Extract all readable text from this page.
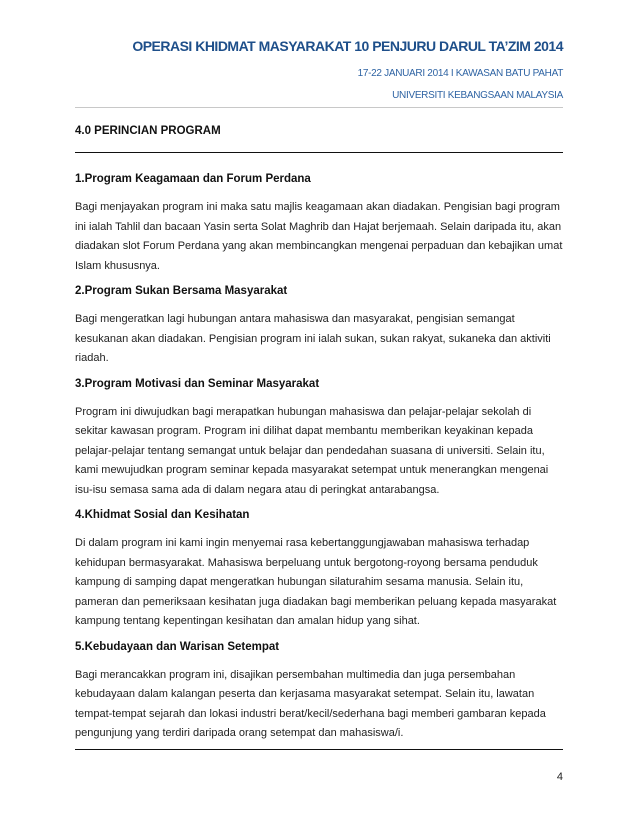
OPERASI KHIDMAT MASYARAKAT 10 PENJURU DARUL TA’ZIM 2014
17-22 JANUARI 2014 I KAWASAN BATU PAHAT
UNIVERSITI KEBANGSAAN MALAYSIA
4.0 PERINCIAN PROGRAM

1.Program Keagamaan dan Forum Perdana

Bagi menjayakan program ini maka satu majlis keagamaan akan diadakan. Pengisian bagi program ini ialah Tahlil dan bacaan Yasin serta Solat Maghrib dan Hajat berjemaah. Selain daripada itu, akan diadakan slot Forum Perdana yang akan membincangkan mengenai perpaduan dan kebajikan umat Islam khususnya.

2.Program Sukan Bersama Masyarakat

Bagi mengeratkan lagi hubungan antara mahasiswa dan masyarakat, pengisian semangat kesukanan akan diadakan. Pengisian program ini ialah sukan, sukan rakyat, sukaneka dan aktiviti riadah.

3.Program Motivasi dan Seminar Masyarakat

Program ini diwujudkan bagi merapatkan hubungan mahasiswa dan pelajar-pelajar sekolah di sekitar kawasan program. Program ini dilihat dapat membantu memberikan keyakinan kepada pelajar-pelajar tentang semangat untuk belajar dan pendedahan suasana di universiti. Selain itu, kami mewujudkan program seminar kepada masyarakat setempat untuk menerangkan mengenai isu-isu semasa sama ada di dalam negara atau di peringkat antarabangsa.

4.Khidmat Sosial dan Kesihatan

Di dalam program ini kami ingin menyemai rasa kebertanggungjawaban mahasiswa terhadap kehidupan bermasyarakat. Mahasiswa berpeluang untuk bergotong-royong bersama penduduk kampung di samping dapat mengeratkan hubungan silaturahim sesama manusia. Selain itu, pameran dan pemeriksaan kesihatan juga diadakan bagi memberikan peluang kepada masyarakat kampung tentang kepentingan kesihatan dan amalan hidup yang sihat.

5.Kebudayaan dan Warisan Setempat

Bagi merancakkan program ini, disajikan persembahan multimedia dan juga persembahan kebudayaan dalam kalangan peserta dan kerjasama masyarakat setempat. Selain itu, lawatan tempat-tempat sejarah dan lokasi industri berat/kecil/sederhana bagi memberi gambaran kepada pengunjung yang terdiri daripada orang setempat dan mahasiswa/i.

4
